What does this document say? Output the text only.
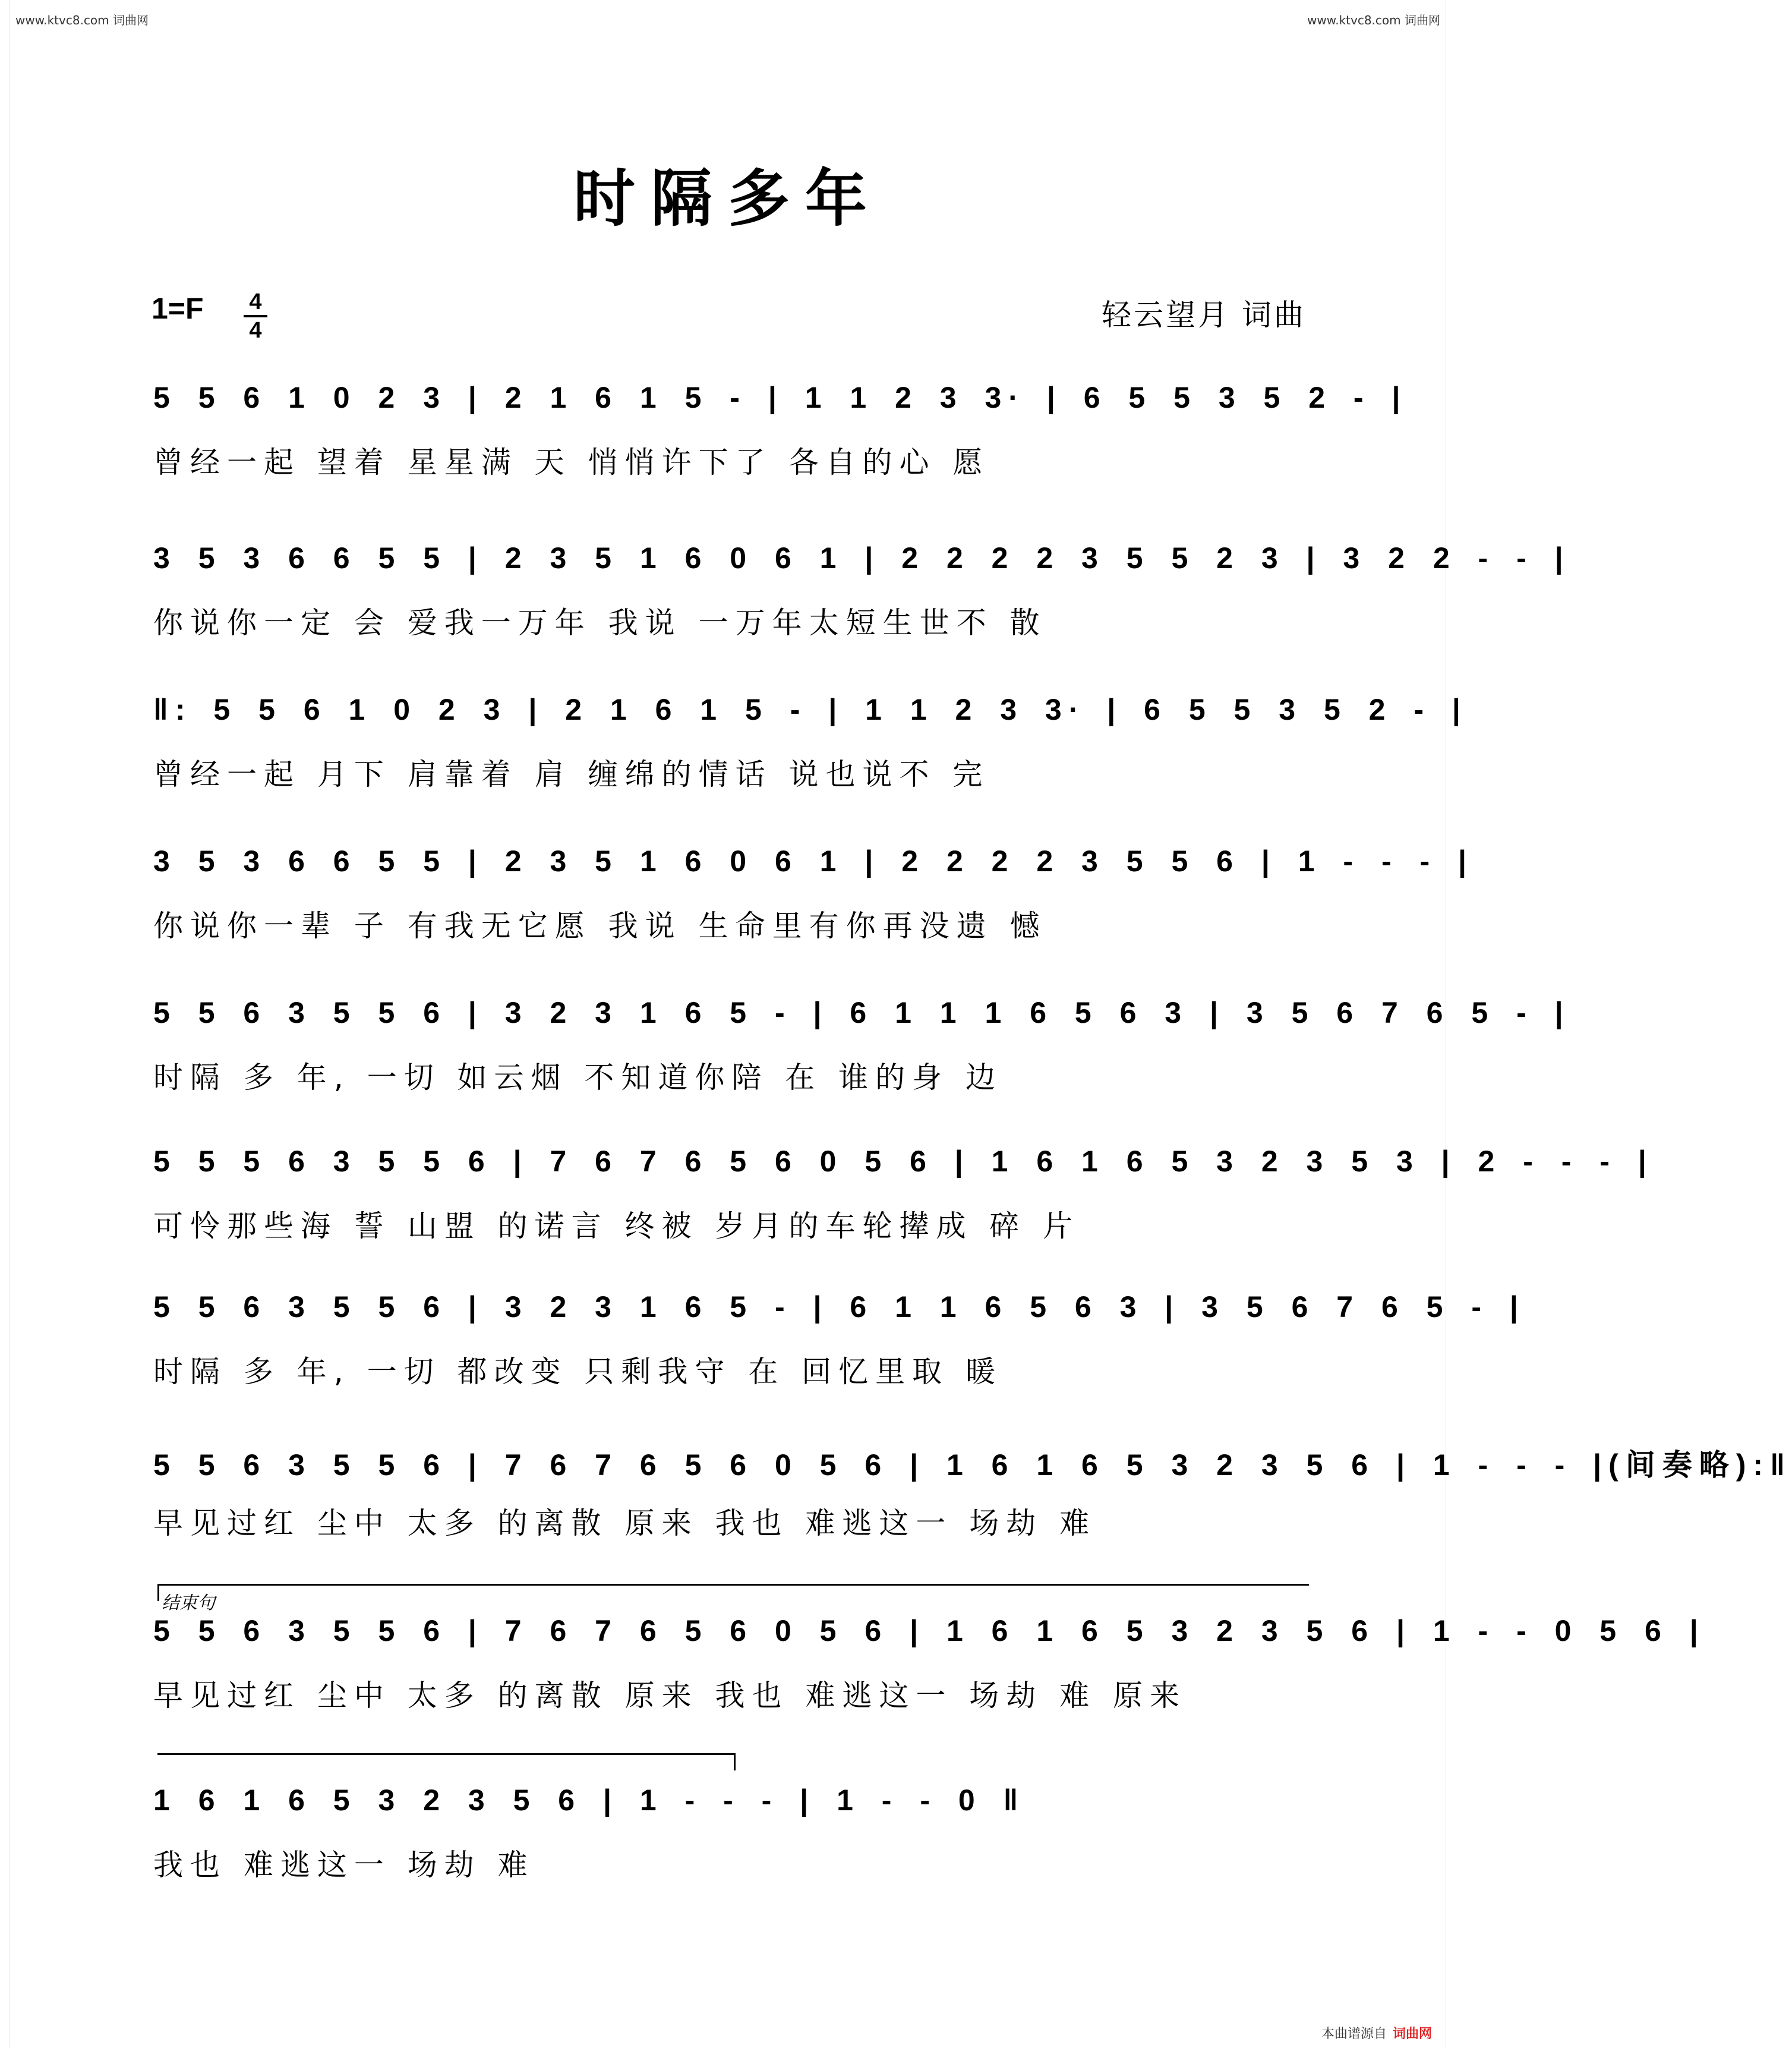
www.ktvc8.com 词曲网	www.ktvc8.com 词曲网
时隔多年
1=F 4
4	轻云望月 词曲
5 5 6 1 0 2 3 | 2 1 6 1 5 - | 1 1 2 3 3· | 6 5 5 3 5 2 - |
曾经一起 望着 星星满 天 悄悄许下了 各自的心 愿
3 5 3 6 6 5 5 | 2 3 5 1 6 0 6 1 | 2 2 2 2 3 5 5 2 3 | 3 2 2 - - |
你说你一定 会 爱我一万年 我说 一万年太短生世不 散
‖: 5 5 6 1 0 2 3 | 2 1 6 1 5 - | 1 1 2 3 3· | 6 5 5 3 5 2 - |
曾经一起 月下 肩靠着 肩 缠绵的情话 说也说不 完
3 5 3 6 6 5 5 | 2 3 5 1 6 0 6 1 | 2 2 2 2 3 5 5 6 | 1 - - - |
你说你一辈 子 有我无它愿 我说 生命里有你再没遗 憾
5 5 6 3 5 5 6 | 3 2 3 1 6 5 - | 6 1 1 1 6 5 6 3 | 3 5 6 7 6 5 - |
时隔 多 年, 一切 如云烟 不知道你陪 在 谁的身 边
5 5 5 6 3 5 5 6 | 7 6 7 6 5 6 0 5 6 | 1 6 1 6 5 3 2 3 5 3 | 2 - - - |
可怜那些海 誓 山盟 的诺言 终被 岁月的车轮撵成 碎 片
5 5 6 3 5 5 6 | 3 2 3 1 6 5 - | 6 1 1 6 5 6 3 | 3 5 6 7 6 5 - |
时隔 多 年, 一切 都改变 只剩我守 在 回忆里取 暖
5 5 6 3 5 5 6 | 7 6 7 6 5 6 0 5 6 | 1 6 1 6 5 3 2 3 5 6 | 1 - - - |(间奏略):‖
早见过红 尘中 太多 的离散 原来 我也 难逃这一 场劫 难
结束句
5 5 6 3 5 5 6 | 7 6 7 6 5 6 0 5 6 | 1 6 1 6 5 3 2 3 5 6 | 1 - - 0 5 6 |
早见过红 尘中 太多 的离散 原来 我也 难逃这一 场劫 难 原来
1 6 1 6 5 3 2 3 5 6 | 1 - - - | 1 - - 0 ‖
我也 难逃这一 场劫 难
本曲谱源自 词曲网
